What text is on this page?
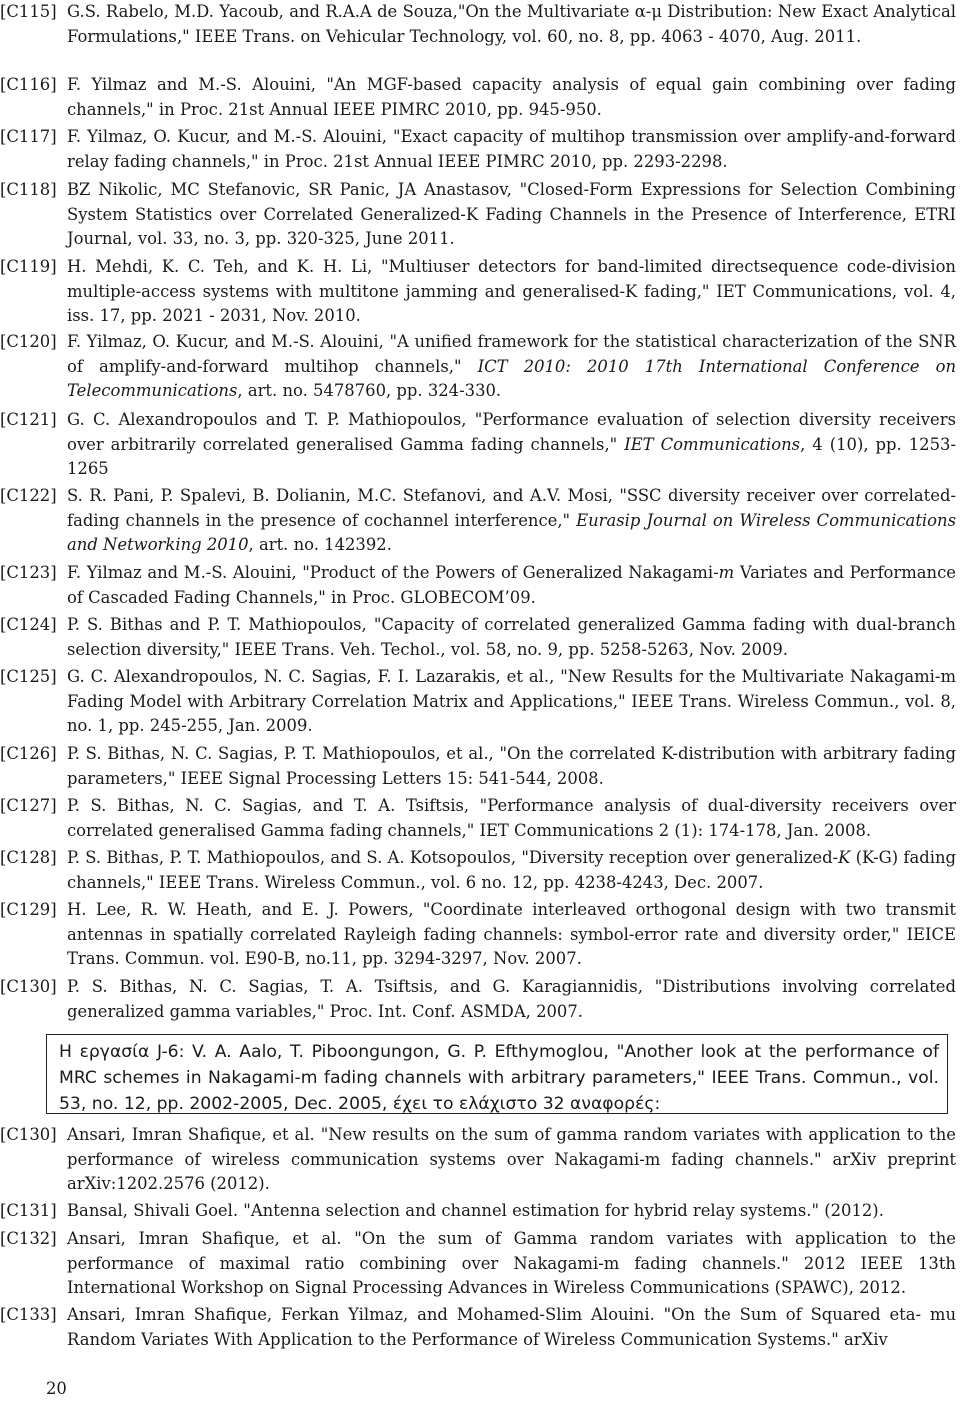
[C115] G.S. Rabelo, M.D. Yacoub, and R.A.A de Souza,"On the Multivariate α-μ Distribution: New Exact Analytical Formulations," IEEE Trans. on Vehicular Technology, vol. 60, no. 8, pp. 4063 - 4070, Aug. 2011.
[C116] F. Yilmaz and M.-S. Alouini, "An MGF-based capacity analysis of equal gain combining over fading channels," in Proc. 21st Annual IEEE PIMRC 2010, pp. 945-950.
[C117] F. Yilmaz, O. Kucur, and M.-S. Alouini, "Exact capacity of multihop transmission over amplify-and-forward relay fading channels," in Proc. 21st Annual IEEE PIMRC 2010, pp. 2293-2298.
[C118] BZ Nikolic, MC Stefanovic, SR Panic, JA Anastasov, "Closed-Form Expressions for Selection Combining System Statistics over Correlated Generalized-K Fading Channels in the Presence of Interference, ETRI Journal, vol. 33, no. 3, pp. 320-325, June 2011.
[C119] H. Mehdi, K. C. Teh, and K. H. Li, "Multiuser detectors for band-limited directsequence code-division multiple-access systems with multitone jamming and generalised-K fading," IET Communications, vol. 4, iss. 17, pp. 2021 - 2031, Nov. 2010.
[C120] F. Yilmaz, O. Kucur, and M.-S. Alouini, "A unified framework for the statistical characterization of the SNR of amplify-and-forward multihop channels," ICT 2010: 2010 17th International Conference on Telecommunications, art. no. 5478760, pp. 324-330.
[C121] G. C. Alexandropoulos and T. P. Mathiopoulos, "Performance evaluation of selection diversity receivers over arbitrarily correlated generalised Gamma fading channels," IET Communications, 4 (10), pp. 1253-1265
[C122] S. R. Pani, P. Spalevi, B. Dolianin, M.C. Stefanovi, and A.V. Mosi, "SSC diversity receiver over correlated-fading channels in the presence of cochannel interference," Eurasip Journal on Wireless Communications and Networking 2010, art. no. 142392.
[C123] F. Yilmaz and M.-S. Alouini, "Product of the Powers of Generalized Nakagami-m Variates and Performance of Cascaded Fading Channels," in Proc. GLOBECOM’09.
[C124] P. S. Bithas and P. T. Mathiopoulos, "Capacity of correlated generalized Gamma fading with dual-branch selection diversity," IEEE Trans. Veh. Techol., vol. 58, no. 9, pp. 5258-5263, Nov. 2009.
[C125] G. C. Alexandropoulos, N. C. Sagias, F. I. Lazarakis, et al., "New Results for the Multivariate Nakagami-m Fading Model with Arbitrary Correlation Matrix and Applications," IEEE Trans. Wireless Commun., vol. 8, no. 1, pp. 245-255, Jan. 2009.
[C126] P. S. Bithas, N. C. Sagias, P. T. Mathiopoulos, et al., "On the correlated K-distribution with arbitrary fading parameters," IEEE Signal Processing Letters 15: 541-544, 2008.
[C127] P. S. Bithas, N. C. Sagias, and T. A. Tsiftsis, "Performance analysis of dual-diversity receivers over correlated generalised Gamma fading channels," IET Communications 2 (1): 174-178, Jan. 2008.
[C128] P. S. Bithas, P. T. Mathiopoulos, and S. A. Kotsopoulos, "Diversity reception over generalized-K (K-G) fading channels," IEEE Trans. Wireless Commun., vol. 6 no. 12, pp. 4238-4243, Dec. 2007.
[C129] H. Lee, R. W. Heath, and E. J. Powers, "Coordinate interleaved orthogonal design with two transmit antennas in spatially correlated Rayleigh fading channels: symbol-error rate and diversity order," IEICE Trans. Commun. vol. E90-B, no.11, pp. 3294-3297, Nov. 2007.
[C130] P. S. Bithas, N. C. Sagias, T. A. Tsiftsis, and G. Karagiannidis, "Distributions involving correlated generalized gamma variables," Proc. Int. Conf. ASMDA, 2007.
Η εργασία J-6: V. A. Aalo, T. Piboongungon, G. P. Efthymoglou, "Another look at the performance of MRC schemes in Nakagami-m fading channels with arbitrary parameters," IEEE Trans. Commun., vol. 53, no. 12, pp. 2002-2005, Dec. 2005, έχει το ελάχιστο 32 αναφορές:
[C130] Ansari, Imran Shafique, et al. "New results on the sum of gamma random variates with application to the performance of wireless communication systems over Nakagami-m fading channels." arXiv preprint arXiv:1202.2576 (2012).
[C131] Bansal, Shivali Goel. "Antenna selection and channel estimation for hybrid relay systems." (2012).
[C132] Ansari, Imran Shafique, et al. "On the sum of Gamma random variates with application to the performance of maximal ratio combining over Nakagami-m fading channels." 2012 IEEE 13th International Workshop on Signal Processing Advances in Wireless Communications (SPAWC), 2012.
[C133] Ansari, Imran Shafique, Ferkan Yilmaz, and Mohamed-Slim Alouini. "On the Sum of Squared eta- mu Random Variates With Application to the Performance of Wireless Communication Systems." arXiv
20
